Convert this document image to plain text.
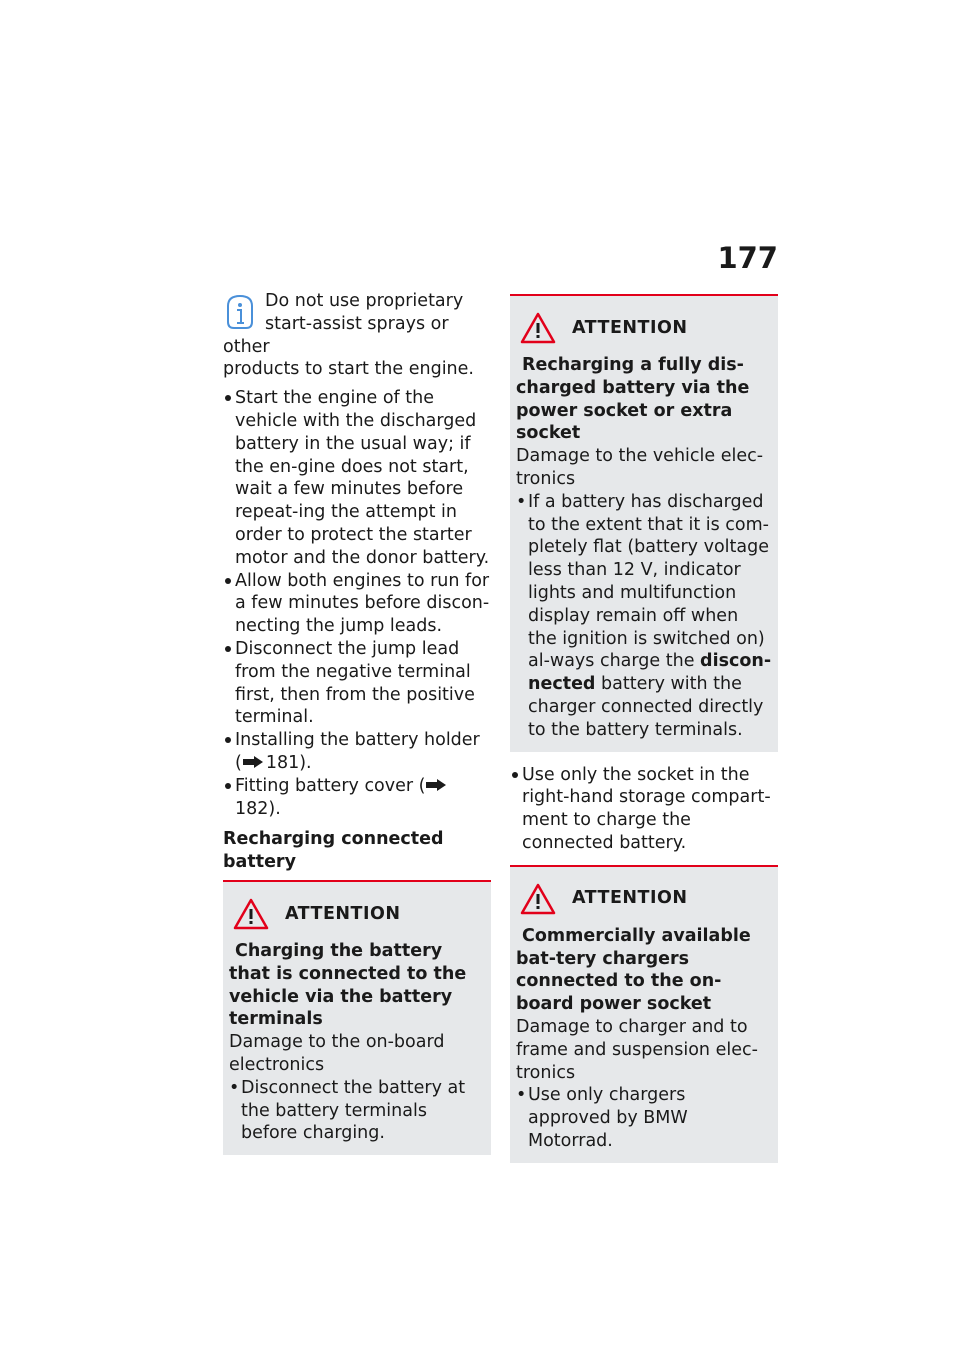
177
Do not use proprietary
start-assist sprays or other
products to start the engine.
Start the engine of the vehicle with the discharged battery in the usual way; if the en-gine does not start, wait a few minutes before repeat-ing the attempt in order to protect the starter motor and the donor battery.
Allow both engines to run for a few minutes before discon-necting the jump leads.
Disconnect the jump lead from the negative terminal first, then from the positive terminal.
Installing the battery holder
( 181).
Fitting battery cover (182).
Recharging connected battery
ATTENTION
Charging the battery that is connected to the vehicle via the battery terminals
Damage to the on-board electronics
• Disconnect the battery at the battery terminals before charging.
ATTENTION
Recharging a fully dis-charged battery via the power socket or extra socket
Damage to the vehicle elec-tronics
• If a battery has discharged to the extent that it is com-pletely flat (battery voltage less than 12 V, indicator lights and multifunction display remain off when the ignition is switched on) al-ways charge the discon-nected battery with the charger connected directly to the battery terminals.
Use only the socket in the right-hand storage compart-ment to charge the connected battery.
ATTENTION
Commercially available bat-tery chargers connected to the on-board power socket
Damage to charger and to frame and suspension elec-tronics
• Use only chargers approved by BMW Motorrad.
